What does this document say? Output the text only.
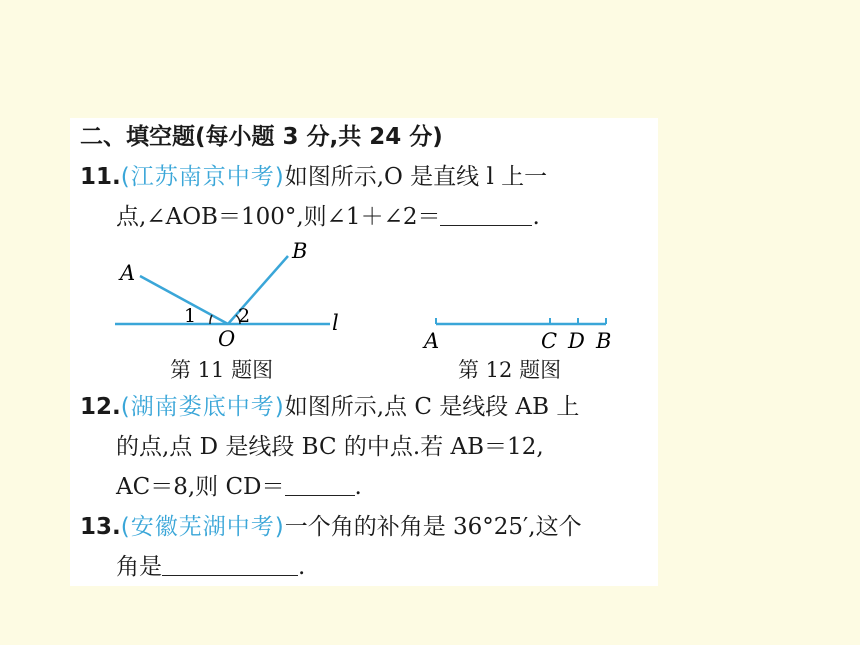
二、填空题(每小题 3 分,共 24 分)
11.(江苏南京中考)如图所示,O 是直线 l 上一
点,∠AOB＝100°,则∠1＋∠2＝	.
A
B
O
l
1 2
第 11 题图
A	C D B
第 12 题图
12.(湖南娄底中考)如图所示,点 C 是线段 AB 上
的点,点 D 是线段 BC 的中点.若 AB＝12,
AC＝8,则 CD＝	.
13.(安徽芜湖中考)一个角的补角是 36°25′,这个
角是	.
